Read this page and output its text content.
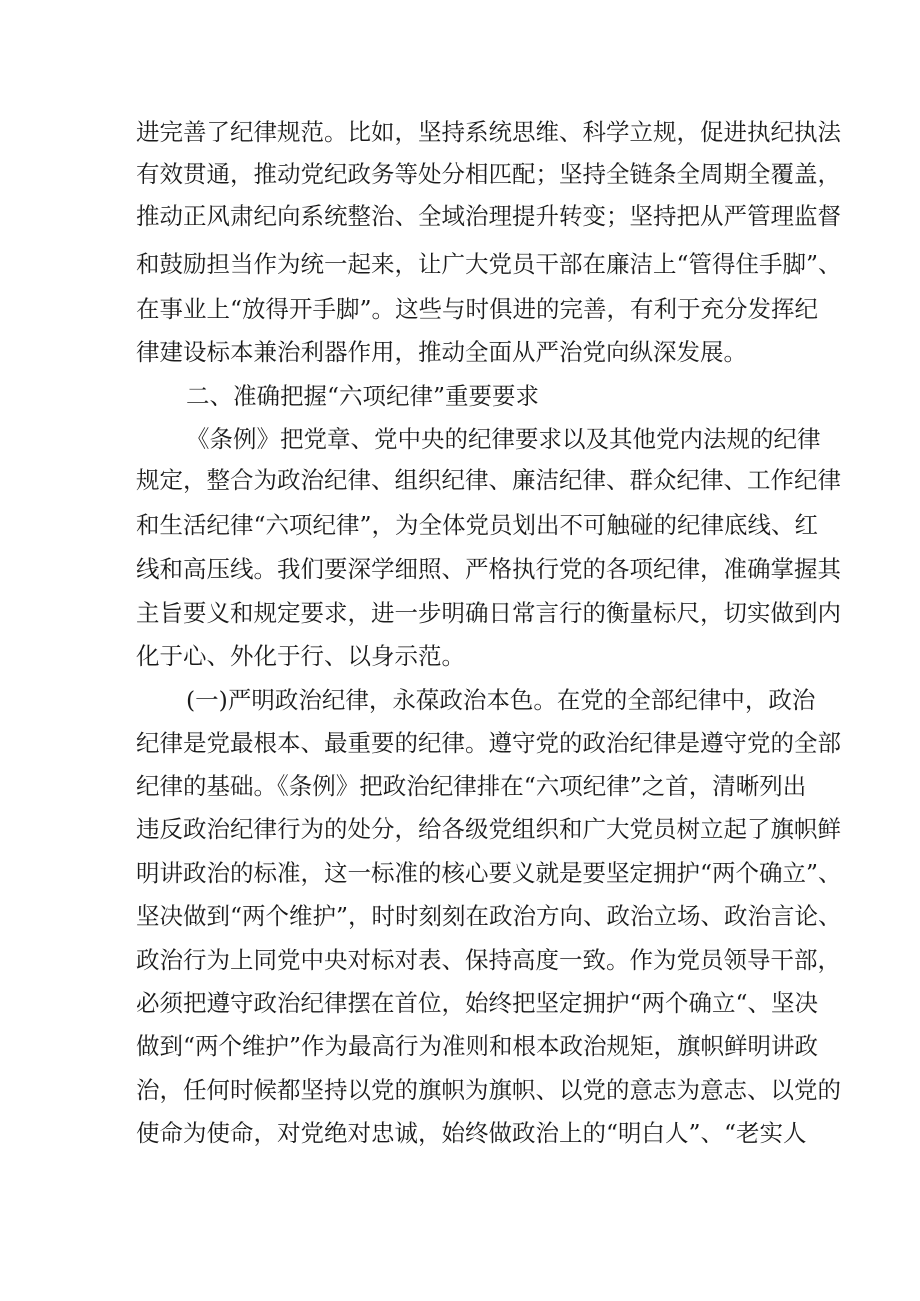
进完善了纪律规范。比如，坚持系统思维、科学立规，促进执纪执法
有效贯通，推动党纪政务等处分相匹配；坚持全链条全周期全覆盖，
推动正风肃纪向系统整治、全域治理提升转变；坚持把从严管理监督
和鼓励担当作为统一起来，让广大党员干部在廉洁上“管得住手脚”、
在事业上“放得开手脚”。这些与时俱进的完善，有利于充分发挥纪
律建设标本兼治利器作用，推动全面从严治党向纵深发展。
二、准确把握“六项纪律”重要要求
《条例》把党章、党中央的纪律要求以及其他党内法规的纪律
规定，整合为政治纪律、组织纪律、廉洁纪律、群众纪律、工作纪律
和生活纪律“六项纪律”，为全体党员划出不可触碰的纪律底线、红
线和高压线。我们要深学细照、严格执行党的各项纪律，准确掌握其
主旨要义和规定要求，进一步明确日常言行的衡量标尺，切实做到内
化于心、外化于行、以身示范。
(一)严明政治纪律，永葆政治本色。在党的全部纪律中，政治
纪律是党最根本、最重要的纪律。遵守党的政治纪律是遵守党的全部
纪律的基础。《条例》把政治纪律排在“六项纪律”之首，清晰列出
违反政治纪律行为的处分，给各级党组织和广大党员树立起了旗帜鲜
明讲政治的标准，这一标准的核心要义就是要坚定拥护“两个确立”、
坚决做到“两个维护”，时时刻刻在政治方向、政治立场、政治言论、
政治行为上同党中央对标对表、保持高度一致。作为党员领导干部，
必须把遵守政治纪律摆在首位，始终把坚定拥护“两个确立“、坚决
做到“两个维护”作为最高行为准则和根本政治规矩，旗帜鲜明讲政
治，任何时候都坚持以党的旗帜为旗帜、以党的意志为意志、以党的
使命为使命，对党绝对忠诚，始终做政治上的“明白人”、“老实人
